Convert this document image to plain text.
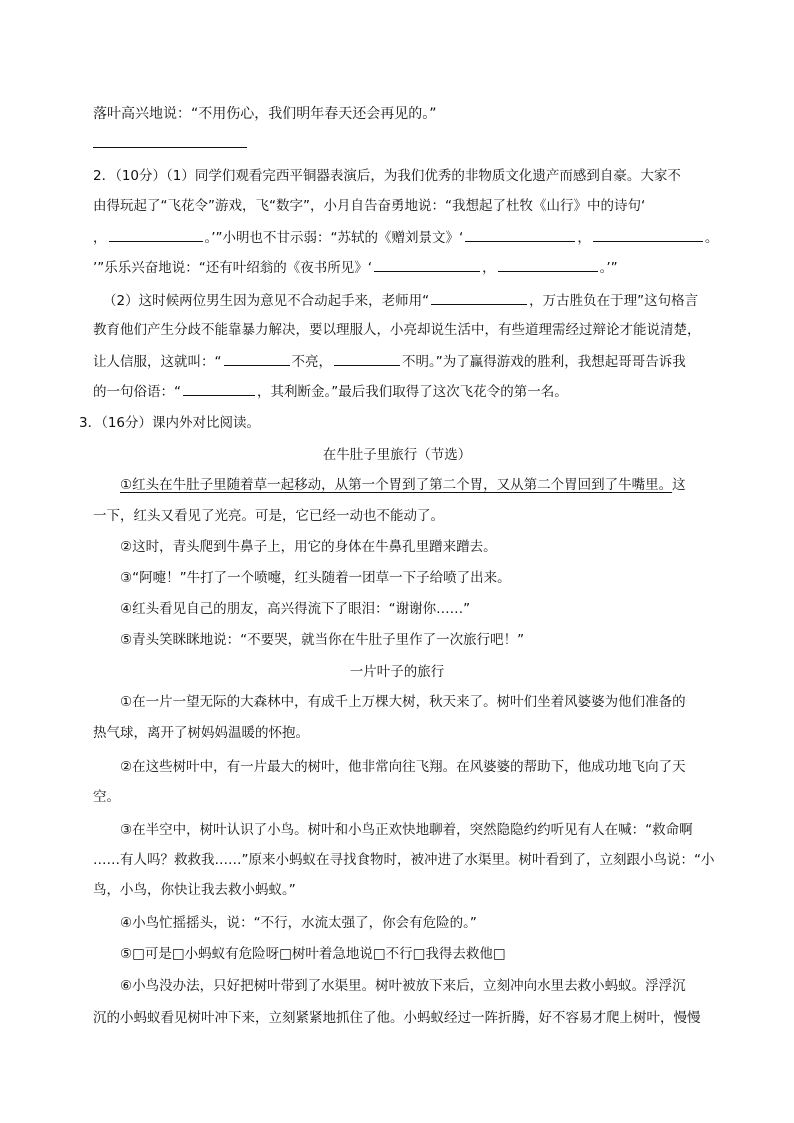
落叶高兴地说：“不用伤心，我们明年春天还会再见的。”
2．（10分）（1）同学们观看完西平铜器表演后，为我们优秀的非物质文化遗产而感到自豪。大家不
由得玩起了“飞花令”游戏，飞“数字”，小月自告奋勇地说：“我想起了杜牧《山行》中的诗句‘
，	。’”小明也不甘示弱：“苏轼的《赠刘景文》‘	，	。
’”乐乐兴奋地说：“还有叶绍翁的《夜书所见》‘	，	。’”
（2）这时候两位男生因为意见不合动起手来，老师用“	，万古胜负在于理”这句格言
教育他们产生分歧不能靠暴力解决，要以理服人，小亮却说生活中，有些道理需经过辩论才能说清楚，
让人信服，这就叫：“	不亮，	不明。”为了赢得游戏的胜利，我想起哥哥告诉我
的一句俗语：“	，其利断金。”最后我们取得了这次飞花令的第一名。
3．（16分）课内外对比阅读。
在牛肚子里旅行（节选）
①红头在牛肚子里随着草一起移动，从第一个胃到了第二个胃，又从第二个胃回到了牛嘴里。这
一下，红头又看见了光亮。可是，它已经一动也不能动了。
②这时，青头爬到牛鼻子上，用它的身体在牛鼻孔里蹭来蹭去。
③“阿嚏！”牛打了一个喷嚏，红头随着一团草一下子给喷了出来。
④红头看见自己的朋友，高兴得流下了眼泪：“谢谢你……”
⑤青头笑眯眯地说：“不要哭，就当你在牛肚子里作了一次旅行吧！”
一片叶子的旅行
①在一片一望无际的大森林中，有成千上万棵大树，秋天来了。树叶们坐着风婆婆为他们准备的
热气球，离开了树妈妈温暖的怀抱。
②在这些树叶中，有一片最大的树叶，他非常向往飞翔。在风婆婆的帮助下，他成功地飞向了天
空。
③在半空中，树叶认识了小鸟。树叶和小鸟正欢快地聊着，突然隐隐约约听见有人在喊：“救命啊
……有人吗？救救我……”原来小蚂蚁在寻找食物时，被冲进了水渠里。树叶看到了，立刻跟小鸟说：“小
鸟，小鸟，你快让我去救小蚂蚁。”
④小鸟忙摇摇头，说：“不行，水流太强了，你会有危险的。”
⑤□可是□小蚂蚁有危险呀□树叶着急地说□不行□我得去救他□
⑥小鸟没办法，只好把树叶带到了水渠里。树叶被放下来后，立刻冲向水里去救小蚂蚁。浮浮沉
沉的小蚂蚁看见树叶冲下来，立刻紧紧地抓住了他。小蚂蚁经过一阵折腾，好不容易才爬上树叶，慢慢
